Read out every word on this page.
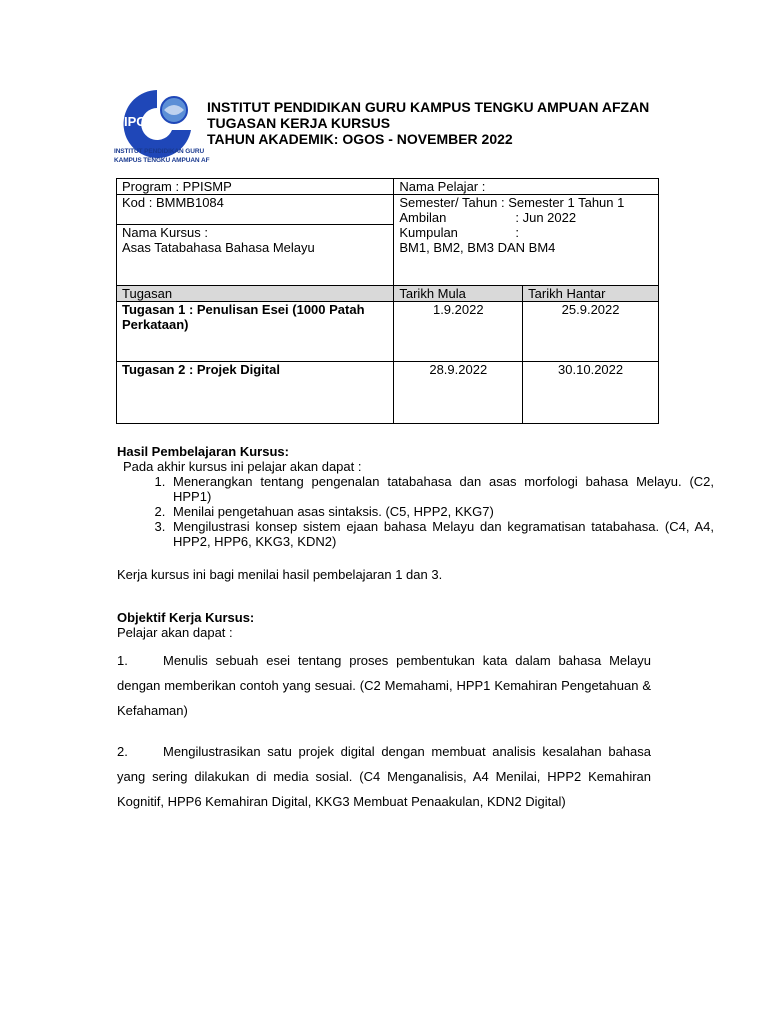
IPG
INSTITUT PENDIDIKAN GURU
KAMPUS TENGKU AMPUAN AF
INSTITUT PENDIDIKAN GURU KAMPUS TENGKU AMPUAN AFZAN
TUGASAN KERJA KURSUS
TAHUN AKADEMIK: OGOS - NOVEMBER 2022
Program : PPISMP	Nama Pelajar :	
Kod : BMMB1084	Semester/ Tahun : Semester 1 Tahun 1
Ambilan : Jun 2022
Kumpulan :
BM1, BM2, BM3 DAN BM4	

Nama Kursus :
Asas Tatabahasa Bahasa Melayu		

Tugasan	Tarikh Mula	Tarikh Hantar
Tugasan 1 : Penulisan Esei (1000 Patah Perkataan)	1.9.2022	25.9.2022
Tugasan 2 : Projek Digital	28.9.2022	30.10.2022
Hasil Pembelajaran Kursus:
Pada akhir kursus ini pelajar akan dapat :
1. Menerangkan tentang pengenalan tatabahasa dan asas morfologi bahasa Melayu. (C2, HPP1)
2. Menilai pengetahuan asas sintaksis. (C5, HPP2, KKG7)
3. Mengilustrasi konsep sistem ejaan bahasa Melayu dan kegramatisan tatabahasa. (C4, A4, HPP2, HPP6, KKG3, KDN2)
Kerja kursus ini bagi menilai hasil pembelajaran 1 dan 3.
Objektif Kerja Kursus:
Pelajar akan dapat :
1.	Menulis sebuah esei tentang proses pembentukan kata dalam bahasa Melayu dengan memberikan contoh yang sesuai. (C2 Memahami, HPP1 Kemahiran Pengetahuan & Kefahaman)
2.	Mengilustrasikan satu projek digital dengan membuat analisis kesalahan bahasa yang sering dilakukan di media sosial. (C4 Menganalisis, A4 Menilai, HPP2 Kemahiran Kognitif, HPP6 Kemahiran Digital, KKG3 Membuat Penaakulan, KDN2 Digital)
